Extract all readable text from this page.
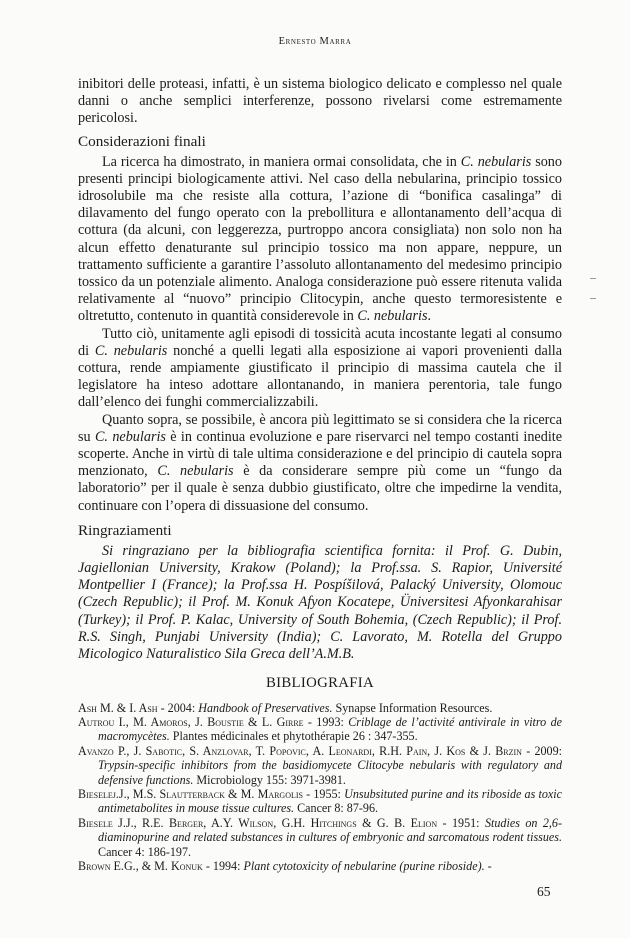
Ernesto Marra

inibitori delle proteasi, infatti, è un sistema biologico delicato e complesso nel quale danni o anche semplici interferenze, possono rivelarsi come estremamente pericolosi.

Considerazioni finali

La ricerca ha dimostrato, in maniera ormai consolidata, che in C. nebularis sono presenti principi biologicamente attivi. Nel caso della nebularina, principio tossico idrosolubile ma che resiste alla cottura, l’azione di “bonifica casalinga” di dilavamento del fungo operato con la prebollitura e allontanamento dell’acqua di cottura (da alcuni, con leggerezza, purtroppo ancora consigliata) non solo non ha alcun effetto denaturante sul principio tossico ma non appare, neppure, un trattamento sufficiente a garantire l’assoluto allontanamento del medesimo principio tossico da un potenziale alimento. Analoga considerazione può essere ritenuta valida relativamente al “nuovo” principio Clitocypin, anche questo termoresistente e oltretutto, contenuto in quantità considerevole in C. nebularis.

Tutto ciò, unitamente agli episodi di tossicità acuta incostante legati al consumo di C. nebularis nonché a quelli legati alla esposizione ai vapori provenienti dalla cottura, rende ampiamente giustificato il principio di massima cautela che il legislatore ha inteso adottare allontanando, in maniera perentoria, tale fungo dall’elenco dei funghi commercializzabili.

Quanto sopra, se possibile, è ancora più legittimato se si considera che la ricerca su C. nebularis è in continua evoluzione e pare riservarci nel tempo costanti inedite scoperte. Anche in virtù di tale ultima considerazione e del principio di cautela sopra menzionato, C. nebularis è da considerare sempre più come un “fungo da laboratorio” per il quale è senza dubbio giustificato, oltre che impedirne la vendita, continuare con l’opera di dissuasione del consumo.

Ringraziamenti

Si ringraziano per la bibliografia scientifica fornita: il Prof. G. Dubin, Jagiellonian University, Krakow (Poland); la Prof.ssa. S. Rapior, Université Montpellier I (France); la Prof.ssa H. Pospíšilová, Palacký University, Olomouc (Czech Republic); il Prof. M. Konuk Afyon Kocatepe, Üniversitesi Afyonkarahisar (Turkey); il Prof. P. Kalac, University of South Bohemia, (Czech Republic); il Prof. R.S. Singh, Punjabi University (India); C. Lavorato, M. Rotella del Gruppo Micologico Naturalistico Sila Greca dell’A.M.B.

BIBLIOGRAFIA

Ash M. & I. Ash - 2004: Handbook of Preservatives. Synapse Information Resources.

Autrou I., M. Amoros, J. Boustie & L. Girre - 1993: Criblage de l’activité antivirale in vitro de macromycètes. Plantes médicinales et phytothérapie 26 : 347-355.

Avanzo P., J. Sabotic, S. Anzlovar, T. Popovic, A. Leonardi, R.H. Pain, J. Kos & J. Brzin - 2009: Trypsin-specific inhibitors from the basidiomycete Clitocybe nebularis with regulatory and defensive functions. Microbiology 155: 3971-3981.

Bieselej.J., M.S. Slautterback & M. Margolis - 1955: Unsubsituted purine and its riboside as toxic antimetabolites in mouse tissue cultures. Cancer 8: 87-96.

Biesele J.J., R.E. Berger, A.Y. Wilson, G.H. Hitchings & G. B. Elion - 1951: Studies on 2,6-diaminopurine and related substances in cultures of embryonic and sarcomatous rodent tissues. Cancer 4: 186-197.

Brown E.G., & M. Konuk - 1994: Plant cytotoxicity of nebularine (purine riboside). -

65
